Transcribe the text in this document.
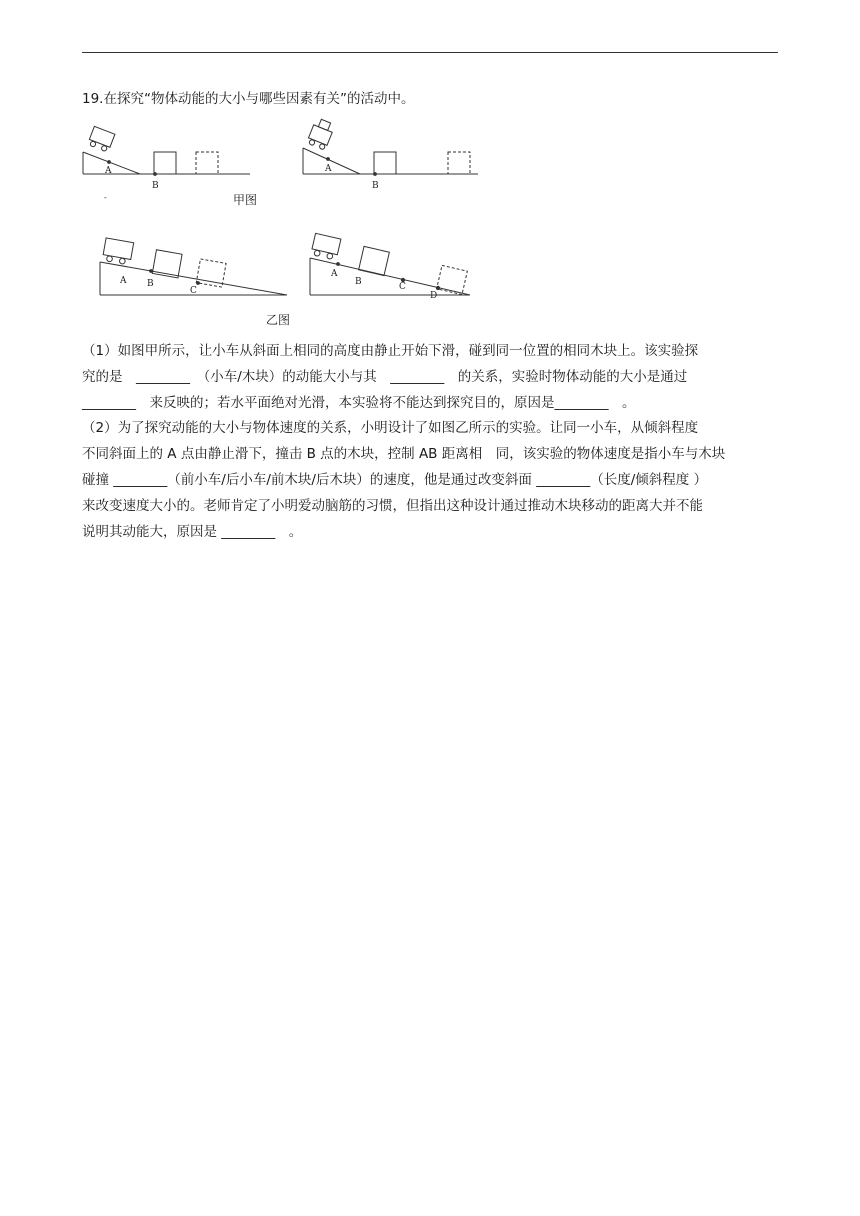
19.在探究“物体动能的大小与哪些因素有关”的活动中。
A
B
A
B
A B
C
A
B	C
D
-	甲图
乙图
（1）如图甲所示，让小车从斜面上相同的高度由静止开始下滑，碰到同一位置的相同木块上。该实验探
究的是　________　（小车/木块）的动能大小与其　________　的关系，实验时物体动能的大小是通过
________　来反映的；若水平面绝对光滑，本实验将不能达到探究目的，原因是________　。
（2）为了探究动能的大小与物体速度的关系，小明设计了如图乙所示的实验。让同一小车，从倾斜程度
不同斜面上的 A 点由静止滑下，撞击 B 点的木块，控制 AB 距离相　同，该实验的物体速度是指小车与木块
碰撞 ________（前小车/后小车/前木块/后木块）的速度，他是通过改变斜面 ________（长度/倾斜程度 ）
来改变速度大小的。老师肯定了小明爱动脑筋的习惯，但指出这种设计通过推动木块移动的距离大并不能
说明其动能大，原因是 ________　。
